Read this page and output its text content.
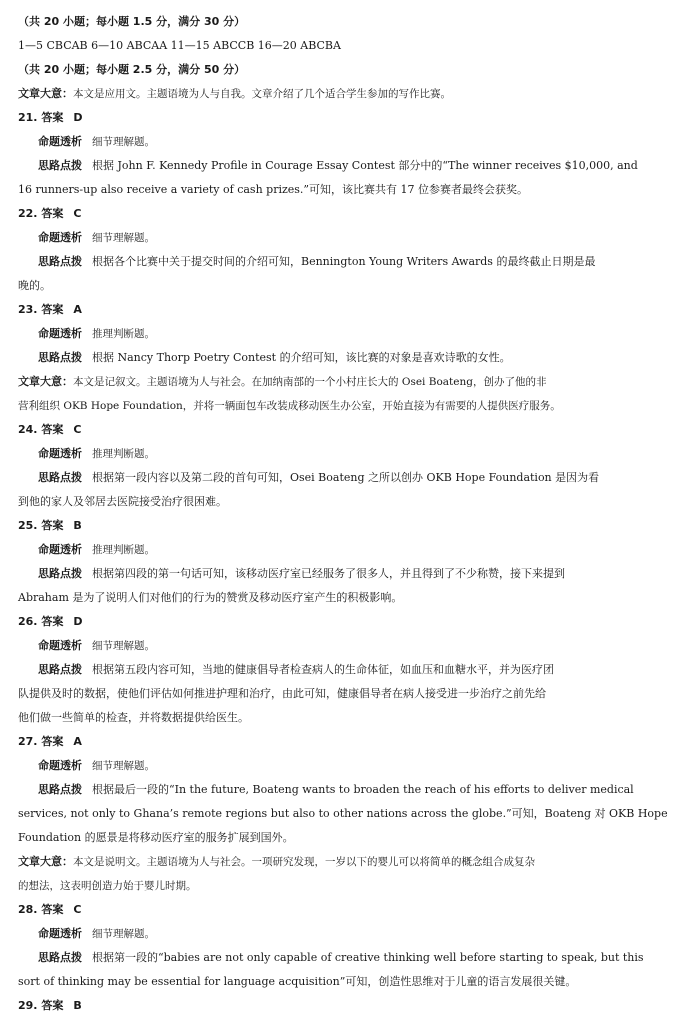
（共 20 小题；每小题 1.5 分，满分 30 分）
1—5 CBCAB 6—10 ABCAA 11—15 ABCCB 16—20 ABCBA
（共 20 小题；每小题 2.5 分，满分 50 分）
文章大意：本文是应用文。主题语境为人与自我。文章介绍了几个适合学生参加的写作比赛。
21. 答案 D
命题透析 细节理解题。
思路点拨 根据 John F. Kennedy Profile in Courage Essay Contest 部分中的“The winner receives $10,000, and
16 runners-up also receive a variety of cash prizes.”可知，该比赛共有 17 位参赛者最终会获奖。
22. 答案 C
命题透析 细节理解题。
思路点拨 根据各个比赛中关于提交时间的介绍可知，Bennington Young Writers Awards 的最终截止日期是最
晚的。
23. 答案 A
命题透析 推理判断题。
思路点拨 根据 Nancy Thorp Poetry Contest 的介绍可知，该比赛的对象是喜欢诗歌的女性。
文章大意：本文是记叙文。主题语境为人与社会。在加纳南部的一个小村庄长大的 Osei Boateng，创办了他的非
营利组织 OKB Hope Foundation，并将一辆面包车改装成移动医生办公室，开始直接为有需要的人提供医疗服务。
24. 答案 C
命题透析 推理判断题。
思路点拨 根据第一段内容以及第二段的首句可知，Osei Boateng 之所以创办 OKB Hope Foundation 是因为看
到他的家人及邻居去医院接受治疗很困难。
25. 答案 B
命题透析 推理判断题。
思路点拨 根据第四段的第一句话可知，该移动医疗室已经服务了很多人，并且得到了不少称赞，接下来提到
Abraham 是为了说明人们对他们的行为的赞赏及移动医疗室产生的积极影响。
26. 答案 D
命题透析 细节理解题。
思路点拨 根据第五段内容可知，当地的健康倡导者检查病人的生命体征，如血压和血糖水平，并为医疗团
队提供及时的数据，使他们评估如何推进护理和治疗，由此可知，健康倡导者在病人接受进一步治疗之前先给
他们做一些简单的检查，并将数据提供给医生。
27. 答案 A
命题透析 细节理解题。
思路点拨 根据最后一段的“In the future, Boateng wants to broaden the reach of his efforts to deliver medical
services, not only to Ghana’s remote regions but also to other nations across the globe.”可知，Boateng 对 OKB Hope
Foundation 的愿景是将移动医疗室的服务扩展到国外。
文章大意：本文是说明文。主题语境为人与社会。一项研究发现，一岁以下的婴儿可以将简单的概念组合成复杂
的想法，这表明创造力始于婴儿时期。
28. 答案 C
命题透析 细节理解题。
思路点拨 根据第一段的“babies are not only capable of creative thinking well before starting to speak, but this
sort of thinking may be essential for language acquisition”可知，创造性思维对于儿童的语言发展很关键。
29. 答案 B
